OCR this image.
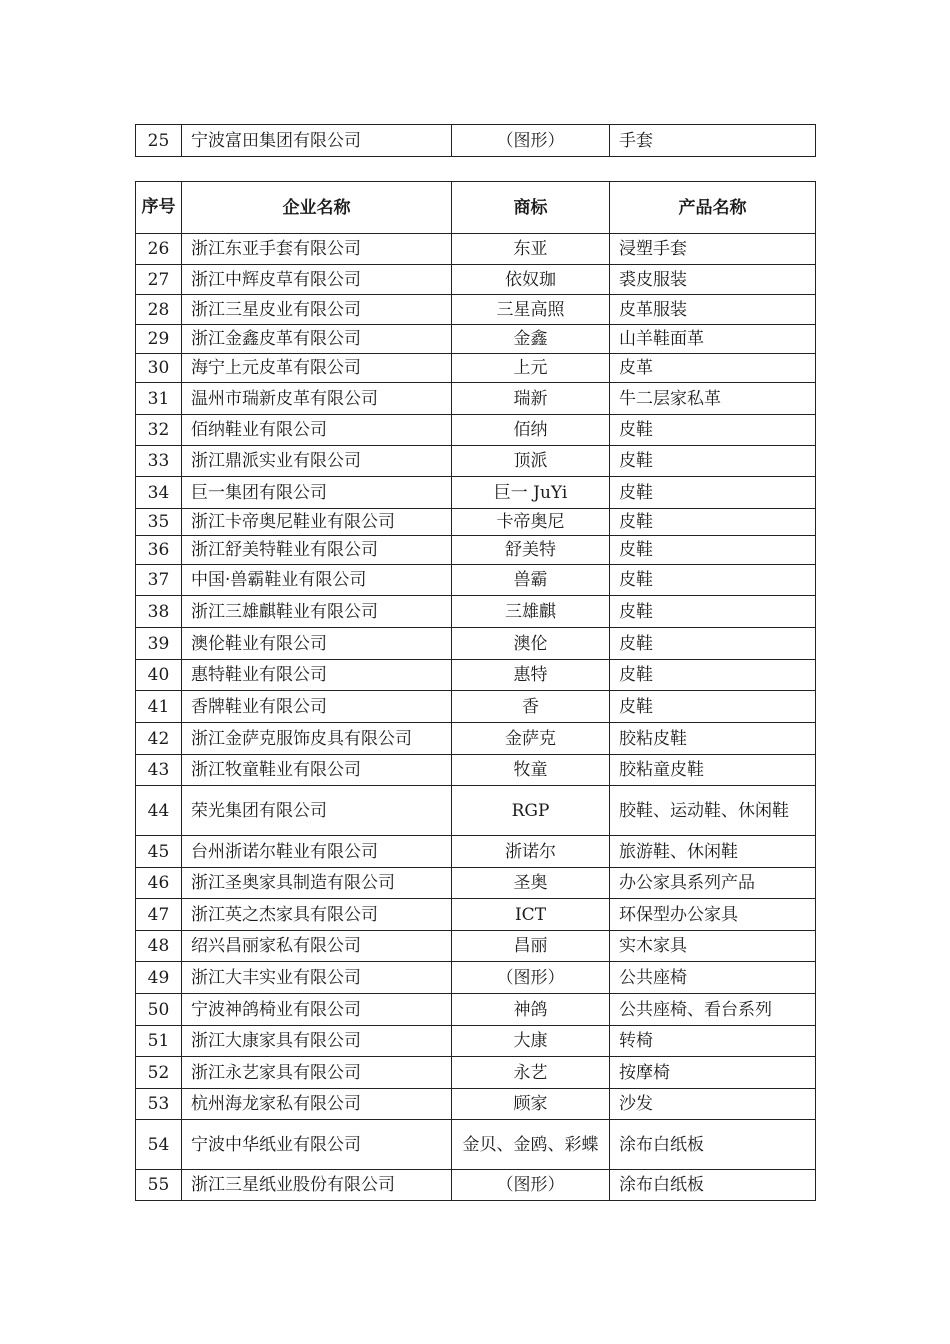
25	宁波富田集团有限公司	（图形）	手套
序号	企业名称	商标	产品名称
26	浙江东亚手套有限公司	东亚	浸塑手套
27	浙江中辉皮草有限公司	依奴珈	裘皮服装
28	浙江三星皮业有限公司	三星高照	皮革服装
29	浙江金鑫皮革有限公司	金鑫	山羊鞋面革
30	海宁上元皮革有限公司	上元	皮革
31	温州市瑞新皮革有限公司	瑞新	牛二层家私革
32	佰纳鞋业有限公司	佰纳	皮鞋
33	浙江鼎派实业有限公司	顶派	皮鞋
34	巨一集团有限公司	巨一 JuYi	皮鞋
35	浙江卡帝奥尼鞋业有限公司	卡帝奥尼	皮鞋
36	浙江舒美特鞋业有限公司	舒美特	皮鞋
37	中国·兽霸鞋业有限公司	兽霸	皮鞋
38	浙江三雄麒鞋业有限公司	三雄麒	皮鞋
39	澳伦鞋业有限公司	澳伦	皮鞋
40	惠特鞋业有限公司	惠特	皮鞋
41	香牌鞋业有限公司	香	皮鞋
42	浙江金萨克服饰皮具有限公司	金萨克	胶粘皮鞋
43	浙江牧童鞋业有限公司	牧童	胶粘童皮鞋
44	荣光集团有限公司	RGP	胶鞋、运动鞋、休闲鞋
45	台州浙诺尔鞋业有限公司	浙诺尔	旅游鞋、休闲鞋
46	浙江圣奥家具制造有限公司	圣奥	办公家具系列产品
47	浙江英之杰家具有限公司	ICT	环保型办公家具
48	绍兴昌丽家私有限公司	昌丽	实木家具
49	浙江大丰实业有限公司	（图形）	公共座椅
50	宁波神鸽椅业有限公司	神鸽	公共座椅、看台系列
51	浙江大康家具有限公司	大康	转椅
52	浙江永艺家具有限公司	永艺	按摩椅
53	杭州海龙家私有限公司	顾家	沙发
54	宁波中华纸业有限公司	金贝、金鸥、彩蝶	涂布白纸板
55	浙江三星纸业股份有限公司	（图形）	涂布白纸板
